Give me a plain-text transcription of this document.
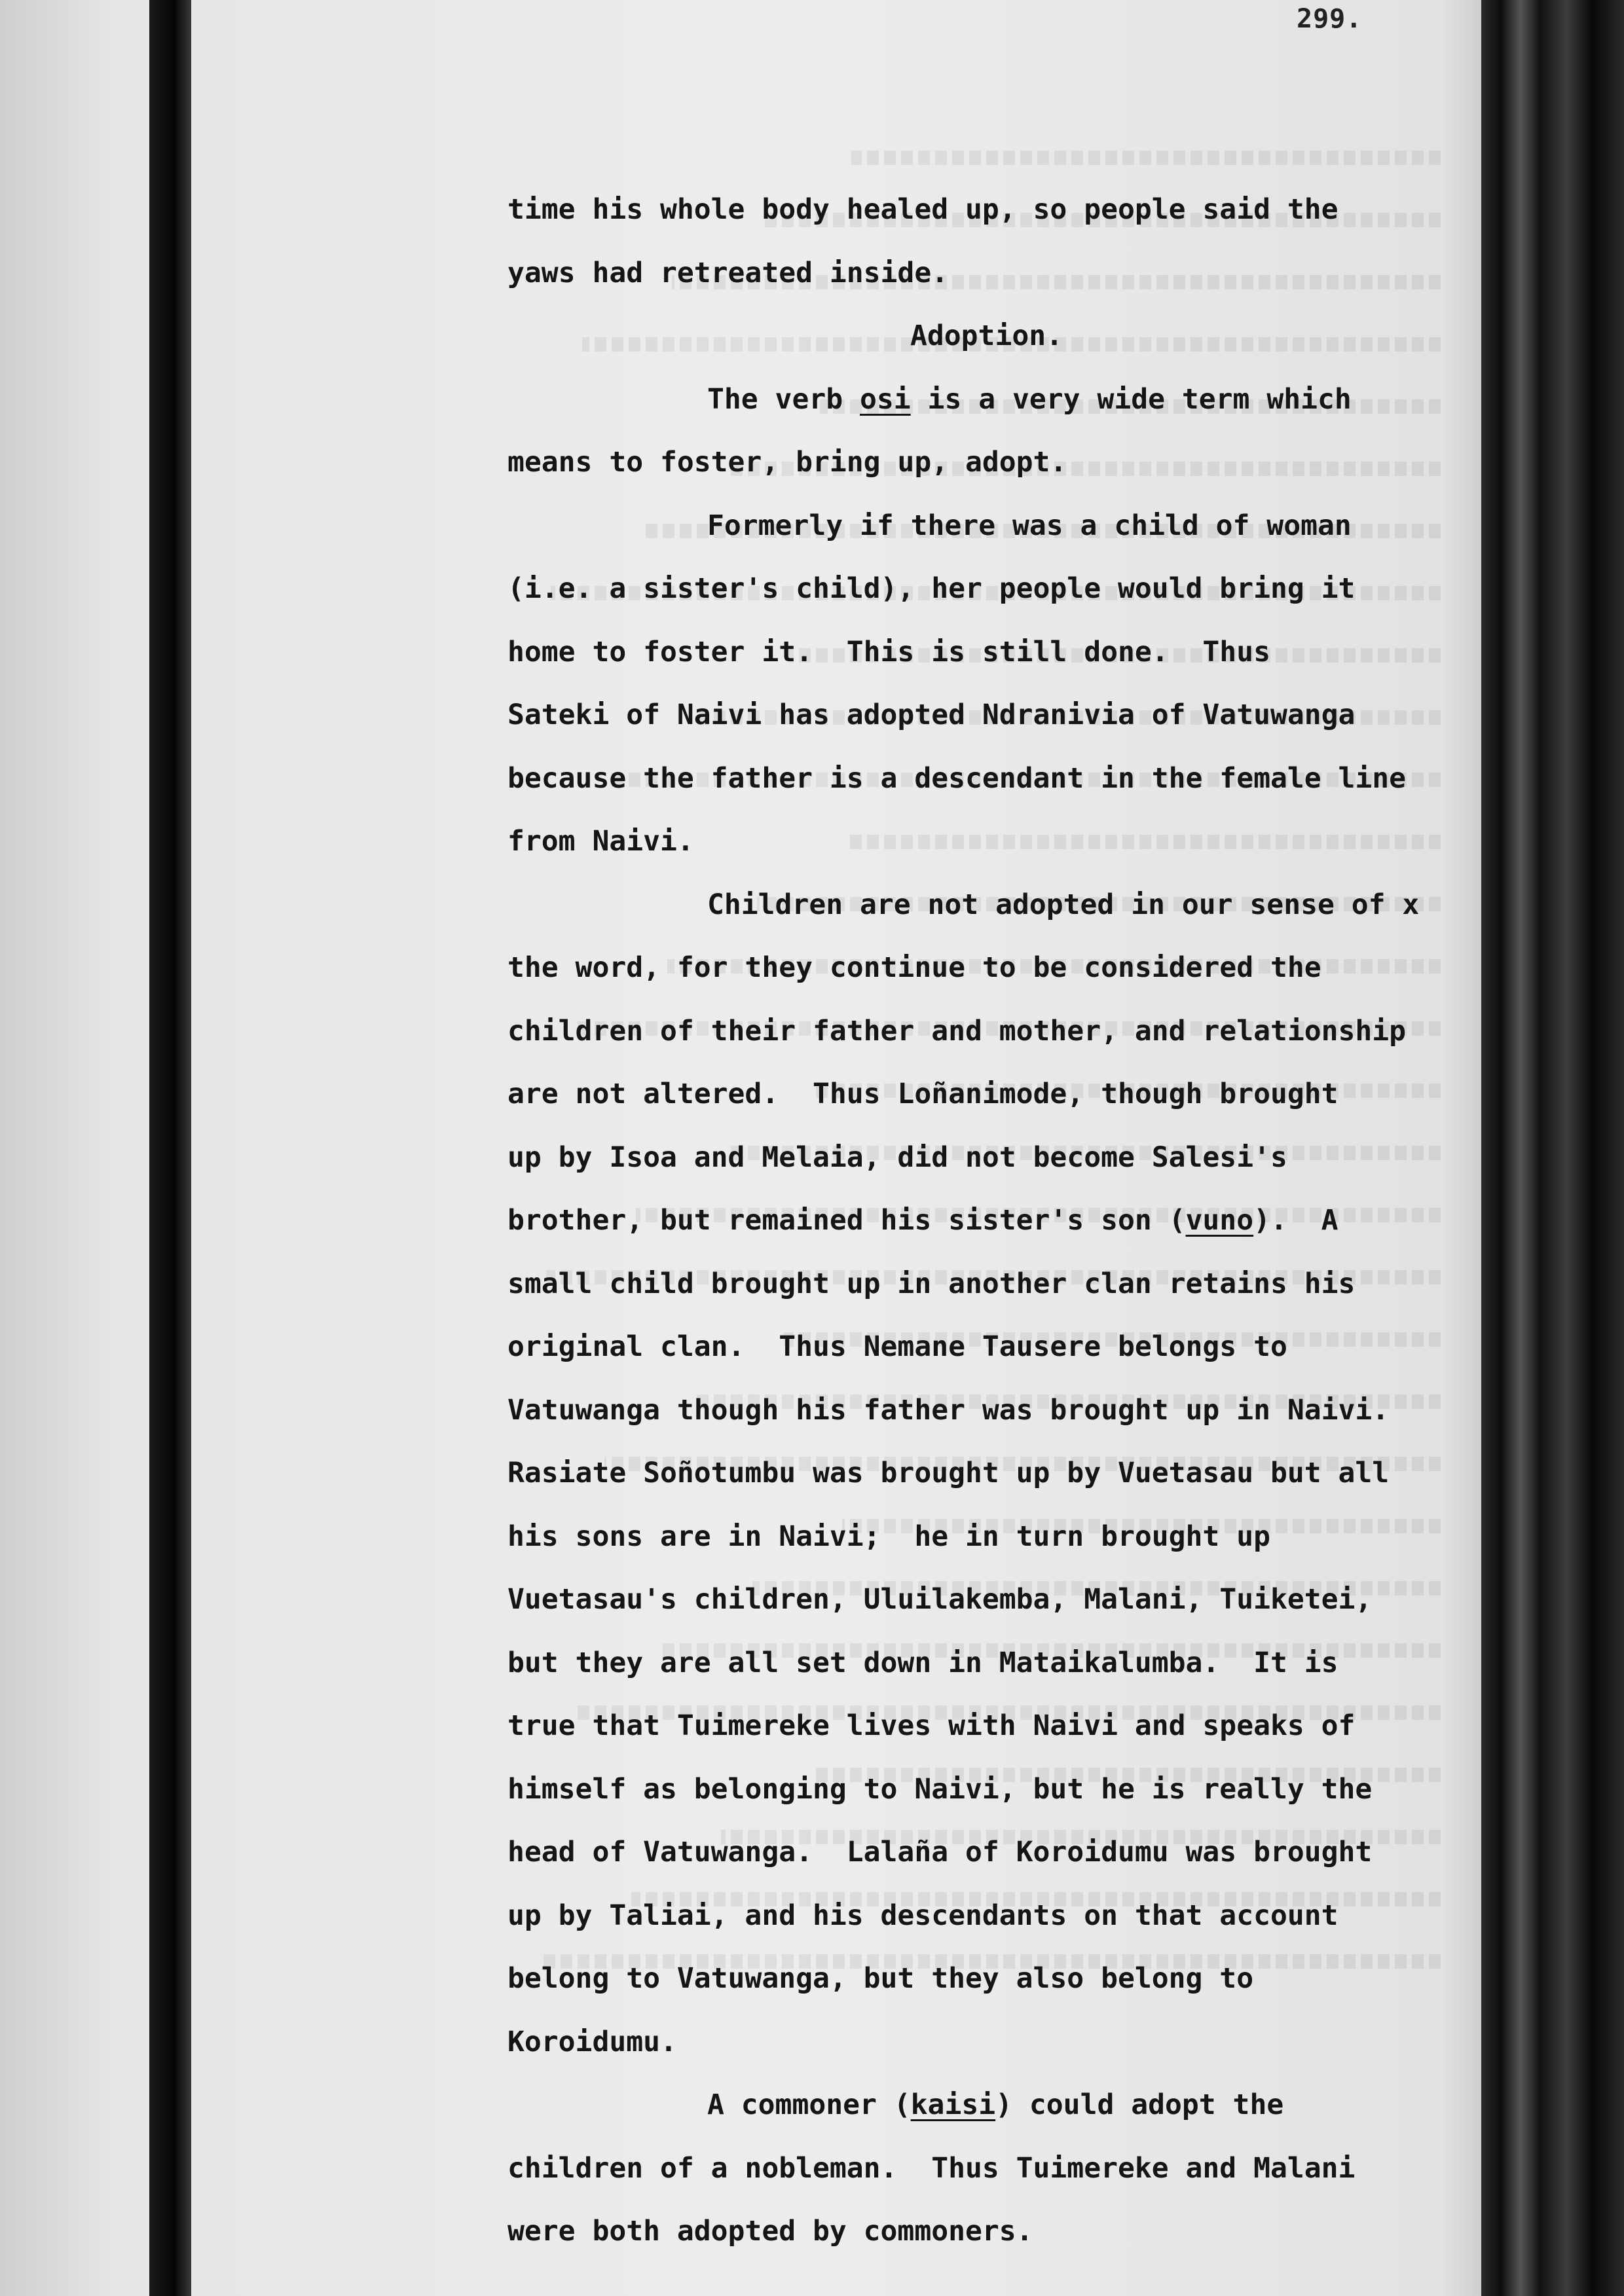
299.
time his whole body healed up, so people said the
yaws had retreated inside.
Adoption.
The verb osi is a very wide term which
means to foster, bring up, adopt.
Formerly if there was a child of woman
(i.e. a sister's child), her people would bring it
home to foster it.  This is still done.  Thus
Sateki of Naivi has adopted Ndranivia of Vatuwanga
because the father is a descendant in the female line
from Naivi.
Children are not adopted in our sense of x
the word, for they continue to be considered the
children of their father and mother, and relationship
are not altered.  Thus Loñanimode, though brought
up by Isoa and Melaia, did not become Salesi's
brother, but remained his sister's son (vuno).  A
small child brought up in another clan retains his
original clan.  Thus Nemane Tausere belongs to
Vatuwanga though his father was brought up in Naivi.
Rasiate Soñotumbu was brought up by Vuetasau but all
his sons are in Naivi;  he in turn brought up
Vuetasau's children, Uluilakemba, Malani, Tuiketei,
but they are all set down in Mataikalumba.  It is
true that Tuimereke lives with Naivi and speaks of
himself as belonging to Naivi, but he is really the
head of Vatuwanga.  Lalaña of Koroidumu was brought
up by Taliai, and his descendants on that account
belong to Vatuwanga, but they also belong to
Koroidumu.
A commoner (kaisi) could adopt the
children of a nobleman.  Thus Tuimereke and Malani
were both adopted by commoners.
